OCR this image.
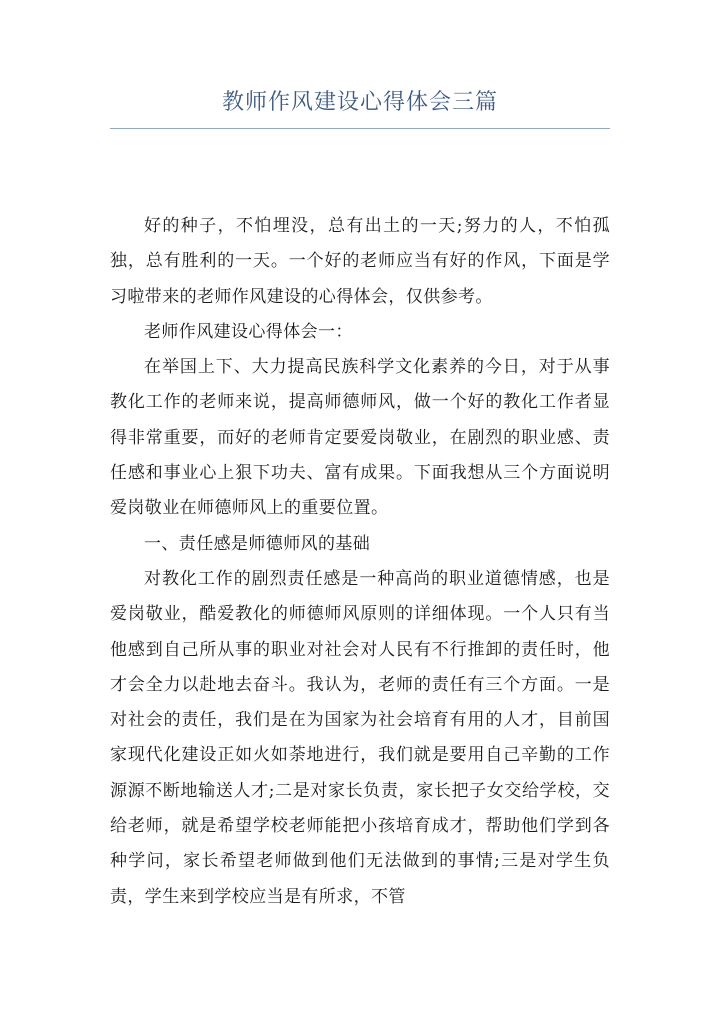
教师作风建设心得体会三篇

好的种子，不怕埋没，总有出土的一天;努力的人，不怕孤独，总有胜利的一天。一个好的老师应当有好的作风，下面是学习啦带来的老师作风建设的心得体会，仅供参考。

老师作风建设心得体会一：

在举国上下、大力提高民族科学文化素养的今日，对于从事教化工作的老师来说，提高师德师风，做一个好的教化工作者显得非常重要，而好的老师肯定要爱岗敬业，在剧烈的职业感、责任感和事业心上狠下功夫、富有成果。下面我想从三个方面说明爱岗敬业在师德师风上的重要位置。

一、责任感是师德师风的基础

对教化工作的剧烈责任感是一种高尚的职业道德情感，也是爱岗敬业，酷爱教化的师德师风原则的详细体现。一个人只有当他感到自己所从事的职业对社会对人民有不行推卸的责任时，他才会全力以赴地去奋斗。我认为，老师的责任有三个方面。一是对社会的责任，我们是在为国家为社会培育有用的人才，目前国家现代化建设正如火如荼地进行，我们就是要用自己辛勤的工作源源不断地输送人才;二是对家长负责，家长把子女交给学校，交给老师，就是希望学校老师能把小孩培育成才，帮助他们学到各种学问，家长希望老师做到他们无法做到的事情;三是对学生负责，学生来到学校应当是有所求，不管
